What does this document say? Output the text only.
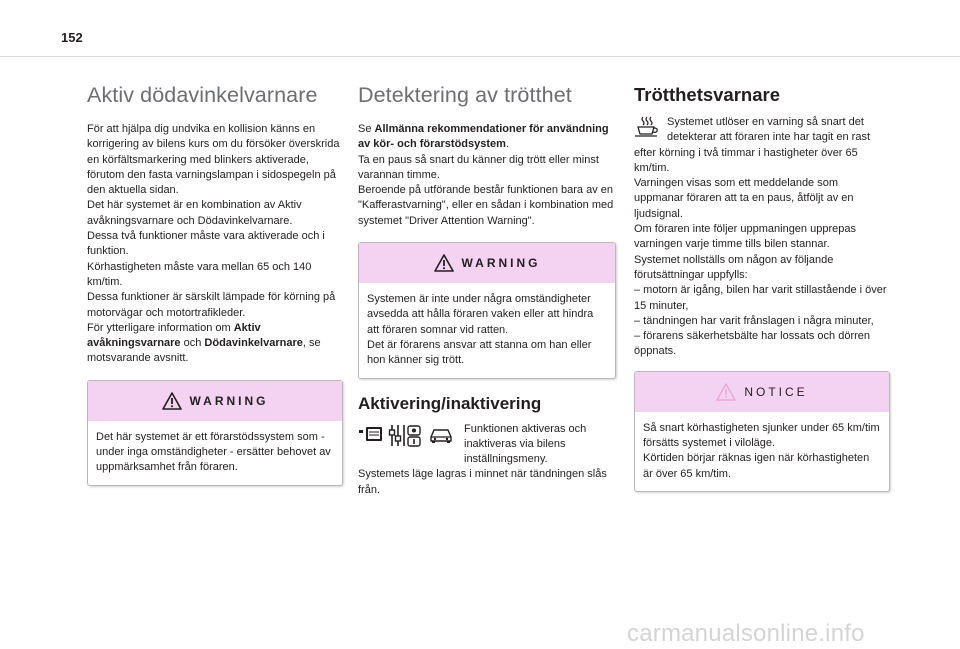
152
Aktiv dödavinkelvarnare

För att hjälpa dig undvika en kollision känns en korrigering av bilens kurs om du försöker överskrida en körfältsmarkering med blinkers aktiverade, förutom den fasta varningslampan i sidospegeln på den aktuella sidan.

Det här systemet är en kombination av Aktiv avåkningsvarnare och Dödavinkelvarnare.

Dessa två funktioner måste vara aktiverade och i funktion.

Körhastigheten måste vara mellan 65 och 140 km/tim.

Dessa funktioner är särskilt lämpade för körning på motorvägar och motortrafikleder.

För ytterligare information om Aktiv avåkningsvarnare och Dödavinkelvarnare, se motsvarande avsnitt.

WARNING
Det här systemet är ett förarstödssystem som - under inga omständigheter - ersätter behovet av uppmärksamhet från föraren.
Detektering av trötthet

Se Allmänna rekommendationer för användning av kör- och förarstödsystem.

Ta en paus så snart du känner dig trött eller minst varannan timme.

Beroende på utförande består funktionen bara av en "Kafferastvarning", eller en sådan i kombination med systemet "Driver Attention Warning".

WARNING
Systemen är inte under några omständigheter avsedda att hålla föraren vaken eller att hindra att föraren somnar vid ratten.
Det är förarens ansvar att stanna om han eller hon känner sig trött.
Aktivering/inaktivering
Funktionen aktiveras och inaktiveras via bilens inställningsmeny.

Systemets läge lagras i minnet när tändningen slås från.

Trötthetsvarnare
Systemet utlöser en varning så snart det detekterar att föraren inte har tagit en rast efter körning i två timmar i hastigheter över 65 km/tim.

Varningen visas som ett meddelande som uppmanar föraren att ta en paus, åtföljt av en ljudsignal.

Om föraren inte följer uppmaningen upprepas varningen varje timme tills bilen stannar.

Systemet nollställs om någon av följande förutsättningar uppfylls:

– motorn är igång, bilen har varit stillastående i över 15 minuter,

– tändningen har varit frånslagen i några minuter,

– förarens säkerhetsbälte har lossats och dörren öppnats.

NOTICE
Så snart körhastigheten sjunker under 65 km/tim försätts systemet i viloläge.
Körtiden börjar räknas igen när körhastigheten är över 65 km/tim.
carmanualsonline.info
